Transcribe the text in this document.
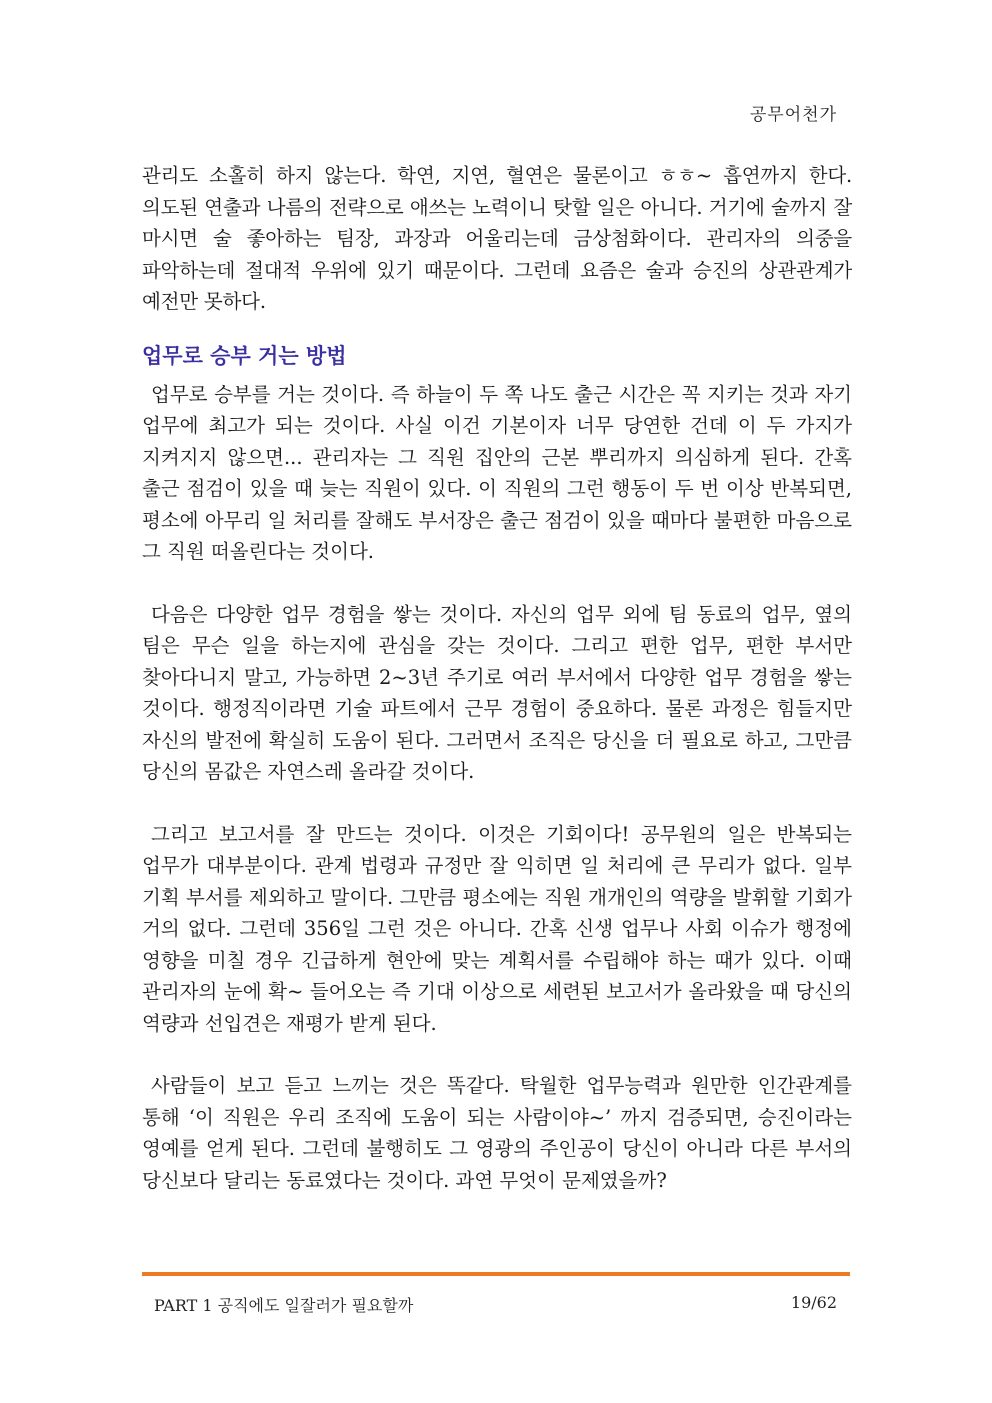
공무어천가

관리도 소홀히 하지 않는다. 학연, 지연, 혈연은 물론이고 ㅎㅎ~ 흡연까지 한다. 의도된 연출과 나름의 전략으로 애쓰는 노력이니 탓할 일은 아니다. 거기에 술까지 잘 마시면 술 좋아하는 팀장, 과장과 어울리는데 금상첨화이다. 관리자의 의중을 파악하는데 절대적 우위에 있기 때문이다. 그런데 요즘은 술과 승진의 상관관계가 예전만 못하다.

업무로 승부 거는 방법

업무로 승부를 거는 것이다. 즉 하늘이 두 쪽 나도 출근 시간은 꼭 지키는 것과 자기 업무에 최고가 되는 것이다. 사실 이건 기본이자 너무 당연한 건데 이 두 가지가 지켜지지 않으면... 관리자는 그 직원 집안의 근본 뿌리까지 의심하게 된다. 간혹 출근 점검이 있을 때 늦는 직원이 있다. 이 직원의 그런 행동이 두 번 이상 반복되면, 평소에 아무리 일 처리를 잘해도 부서장은 출근 점검이 있을 때마다 불편한 마음으로 그 직원 떠올린다는 것이다.

다음은 다양한 업무 경험을 쌓는 것이다. 자신의 업무 외에 팀 동료의 업무, 옆의 팀은 무슨 일을 하는지에 관심을 갖는 것이다. 그리고 편한 업무, 편한 부서만 찾아다니지 말고, 가능하면 2~3년 주기로 여러 부서에서 다양한 업무 경험을 쌓는 것이다. 행정직이라면 기술 파트에서 근무 경험이 중요하다. 물론 과정은 힘들지만 자신의 발전에 확실히 도움이 된다. 그러면서 조직은 당신을 더 필요로 하고, 그만큼 당신의 몸값은 자연스레 올라갈 것이다.

그리고 보고서를 잘 만드는 것이다. 이것은 기회이다! 공무원의 일은 반복되는 업무가 대부분이다. 관계 법령과 규정만 잘 익히면 일 처리에 큰 무리가 없다. 일부 기획 부서를 제외하고 말이다. 그만큼 평소에는 직원 개개인의 역량을 발휘할 기회가 거의 없다. 그런데 356일 그런 것은 아니다. 간혹 신생 업무나 사회 이슈가 행정에 영향을 미칠 경우 긴급하게 현안에 맞는 계획서를 수립해야 하는 때가 있다. 이때 관리자의 눈에 확~ 들어오는 즉 기대 이상으로 세련된 보고서가 올라왔을 때 당신의 역량과 선입견은 재평가 받게 된다.

사람들이 보고 듣고 느끼는 것은 똑같다. 탁월한 업무능력과 원만한 인간관계를 통해 ‘이 직원은 우리 조직에 도움이 되는 사람이야~’ 까지 검증되면, 승진이라는 영예를 얻게 된다. 그런데 불행히도 그 영광의 주인공이 당신이 아니라 다른 부서의 당신보다 달리는 동료였다는 것이다. 과연 무엇이 문제였을까?

PART 1 공직에도 일잘러가 필요할까	19/62
